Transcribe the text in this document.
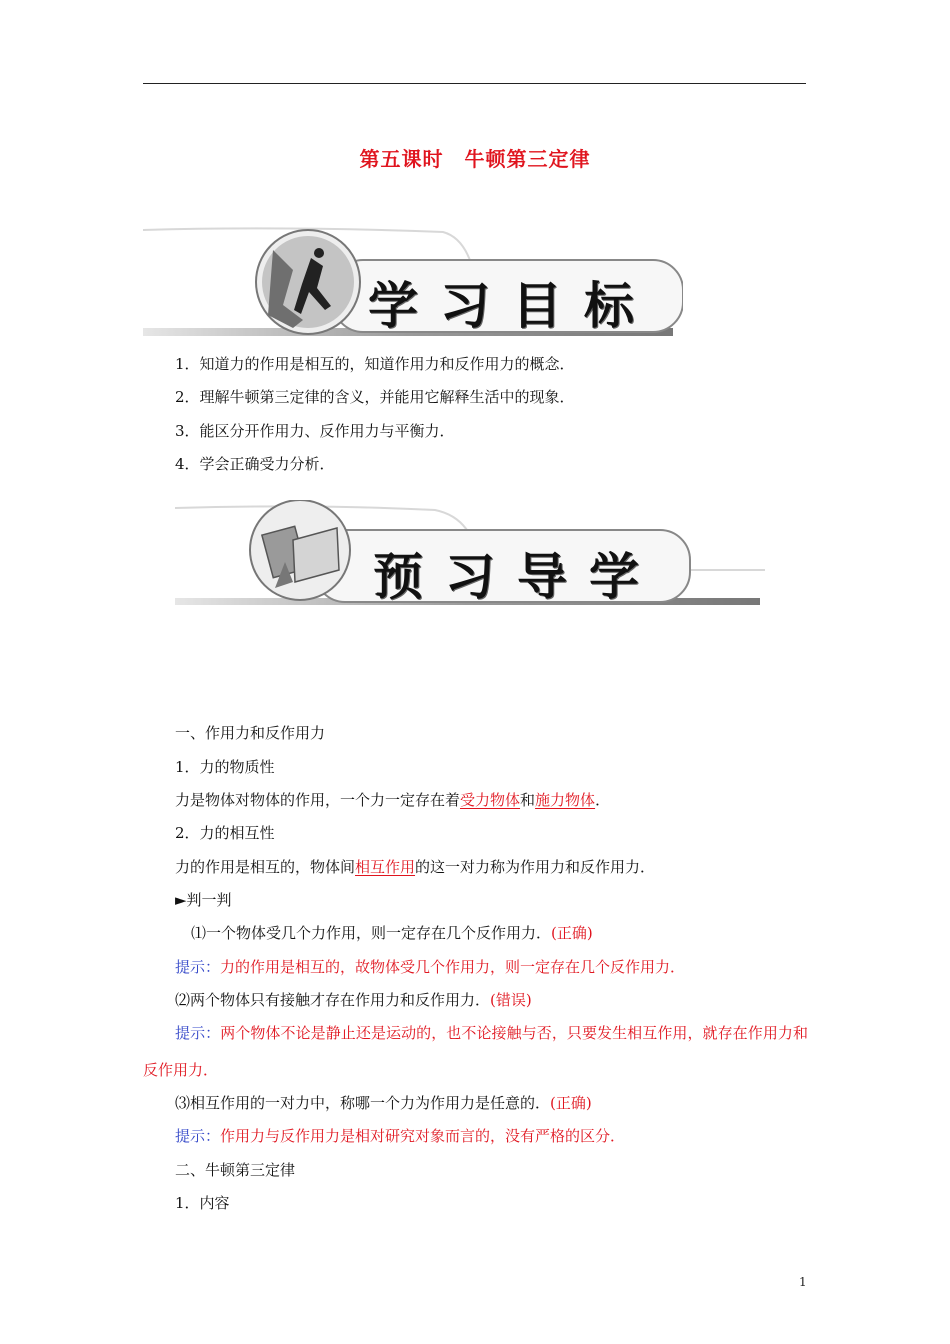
第五课时　牛顿第三定律
学习目标
1．知道力的作用是相互的，知道作用力和反作用力的概念．
2．理解牛顿第三定律的含义，并能用它解释生活中的现象．
3．能区分开作用力、反作用力与平衡力．
4．学会正确受力分析．
预习导学
一、作用力和反作用力
1．力的物质性
力是物体对物体的作用，一个力一定存在着受力物体和施力物体．
2．力的相互性
力的作用是相互的，物体间相互作用的这一对力称为作用力和反作用力．
►判一判
⑴一个物体受几个力作用，则一定存在几个反作用力．(正确)
提示：力的作用是相互的，故物体受几个作用力，则一定存在几个反作用力．
⑵两个物体只有接触才存在作用力和反作用力．(错误)
提示：两个物体不论是静止还是运动的，也不论接触与否，只要发生相互作用，就存在作用力和反作用力．
⑶相互作用的一对力中，称哪一个力为作用力是任意的．(正确)
提示：作用力与反作用力是相对研究对象而言的，没有严格的区分．
二、牛顿第三定律
1．内容
1
